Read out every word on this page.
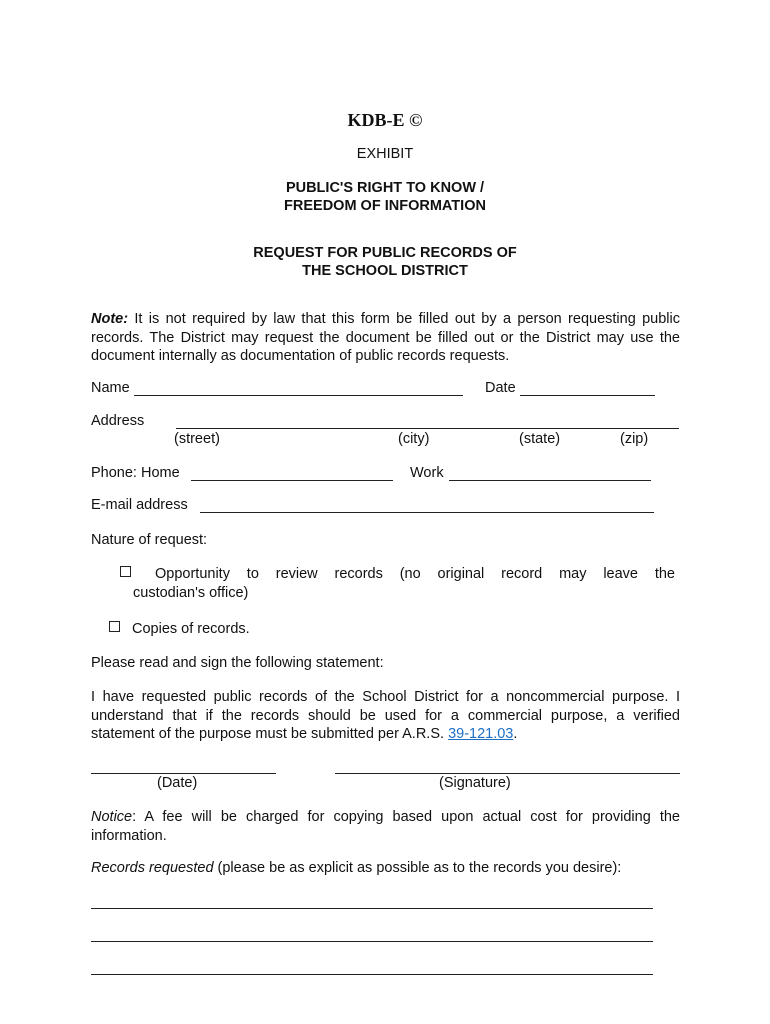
KDB-E ©
EXHIBIT
PUBLIC'S RIGHT TO KNOW /
FREEDOM OF INFORMATION
REQUEST FOR PUBLIC RECORDS OF
THE SCHOOL DISTRICT
Note: It is not required by law that this form be filled out by a person requesting public records. The District may request the document be filled out or the District may use the document internally as documentation of public records requests.
Name	Date
Address
(street)	(city)	(state)	(zip)
Phone: Home	Work
E-mail address
Nature of request:
Opportunity to review records (no original record may leave the
custodian's office)
Copies of records.
Please read and sign the following statement:
I have requested public records of the School District for a noncommercial purpose. I understand that if the records should be used for a commercial purpose, a verified statement of the purpose must be submitted per A.R.S. 39-121.03.
(Date)	(Signature)
Notice: A fee will be charged for copying based upon actual cost for providing the information.
Records requested (please be as explicit as possible as to the records you desire):
